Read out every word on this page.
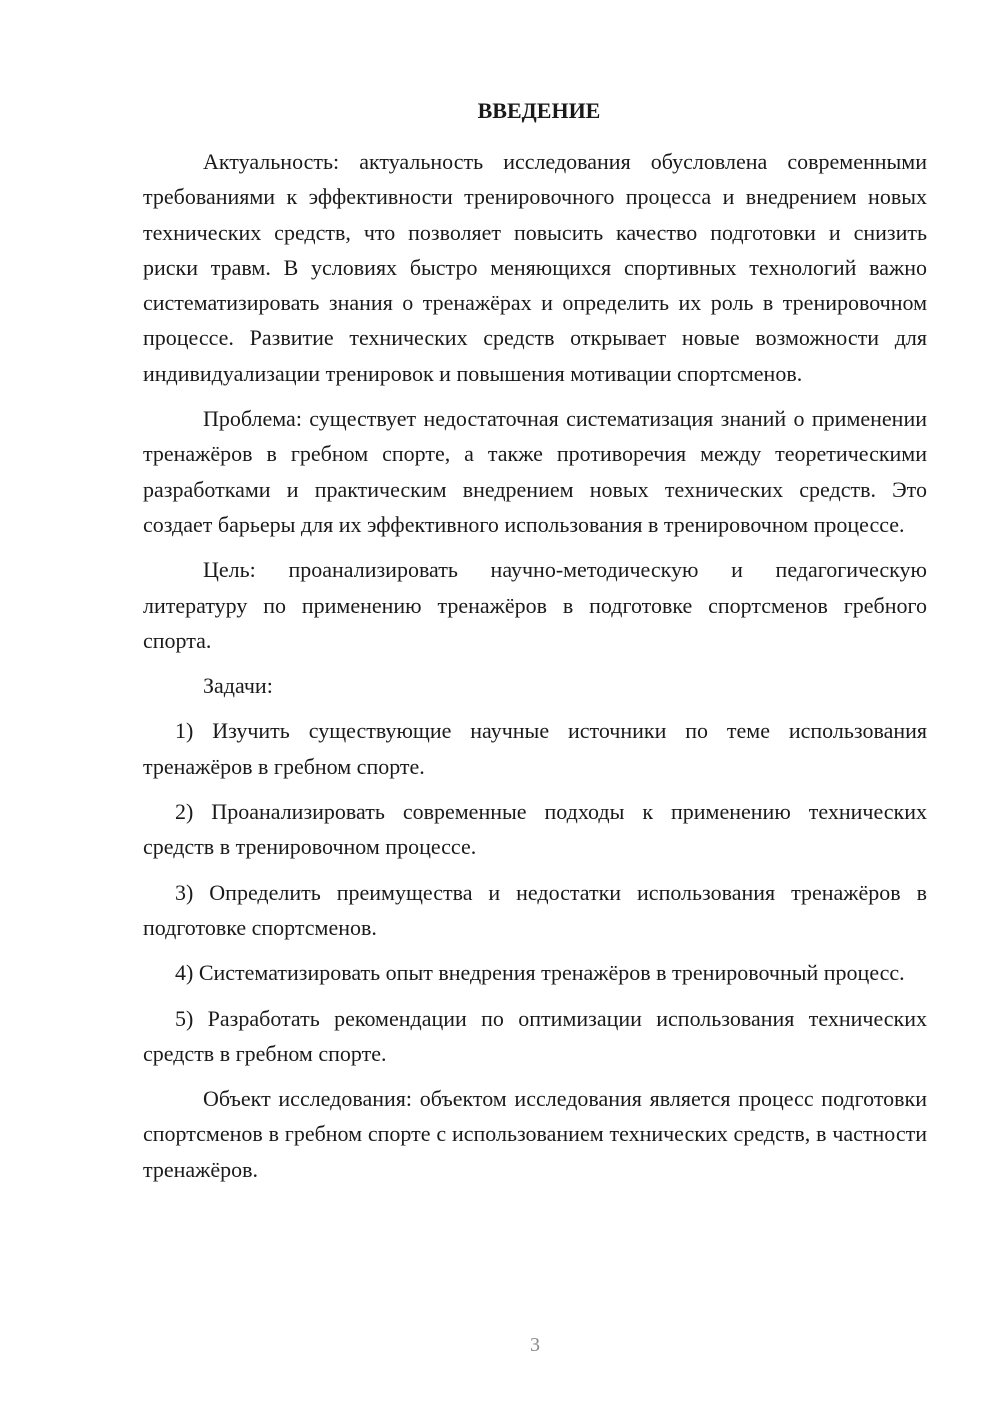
ВВЕДЕНИЕ

Актуальность: актуальность исследования обусловлена современными требованиями к эффективности тренировочного процесса и внедрением новых технических средств, что позволяет повысить качество подготовки и снизить риски травм. В условиях быстро меняющихся спортивных технологий важно систематизировать знания о тренажёрах и определить их роль в тренировочном процессе. Развитие технических средств открывает новые возможности для индивидуализации тренировок и повышения мотивации спортсменов.

Проблема: существует недостаточная систематизация знаний о применении тренажёров в гребном спорте, а также противоречия между теоретическими разработками и практическим внедрением новых технических средств. Это создает барьеры для их эффективного использования в тренировочном процессе.

Цель: проанализировать научно-методическую и педагогическую литературу по применению тренажёров в подготовке спортсменов гребного спорта.

Задачи:

1) Изучить существующие научные источники по теме использования тренажёров в гребном спорте.

2) Проанализировать современные подходы к применению технических средств в тренировочном процессе.

3) Определить преимущества и недостатки использования тренажёров в подготовке спортсменов.

4) Систематизировать опыт внедрения тренажёров в тренировочный процесс.

5) Разработать рекомендации по оптимизации использования технических средств в гребном спорте.

Объект исследования: объектом исследования является процесс подготовки спортсменов в гребном спорте с использованием технических средств, в частности тренажёров.

3
